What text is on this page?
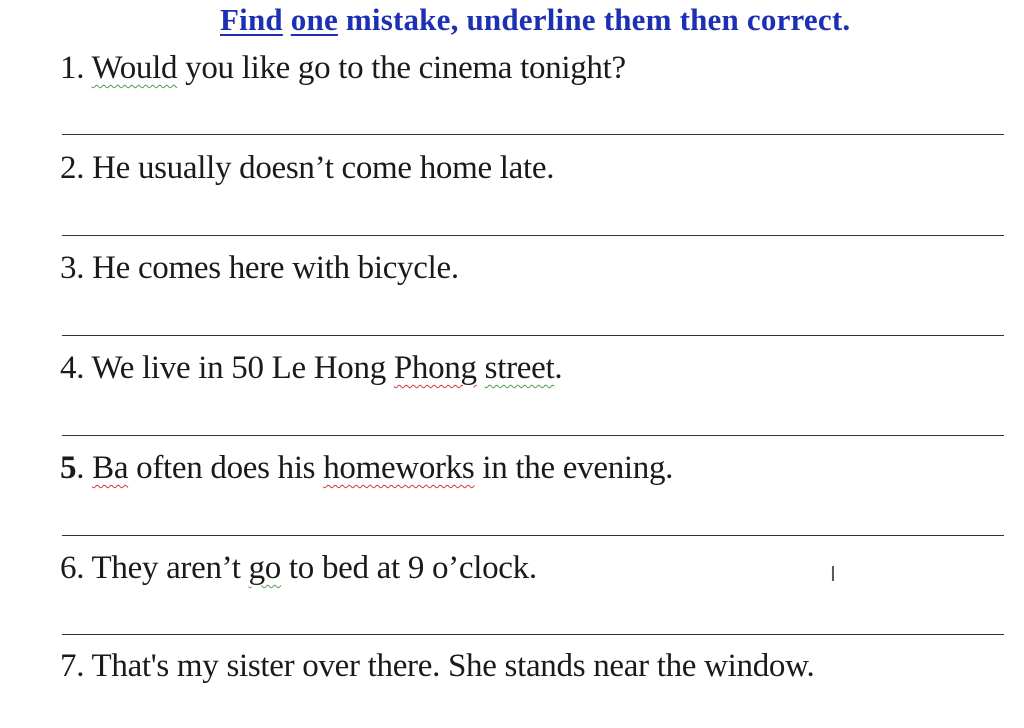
Find one mistake, underline them then correct.
1. Would you like go to the cinema tonight?
2. He usually doesn’t come home late.
3. He comes here with bicycle.
4. We live in 50 Le Hong Phong street.
5. Ba often does his homeworks in the evening.
6. They aren’t go to bed at 9 o’clock.
7. That's my sister over there. She stands near the window.
I
